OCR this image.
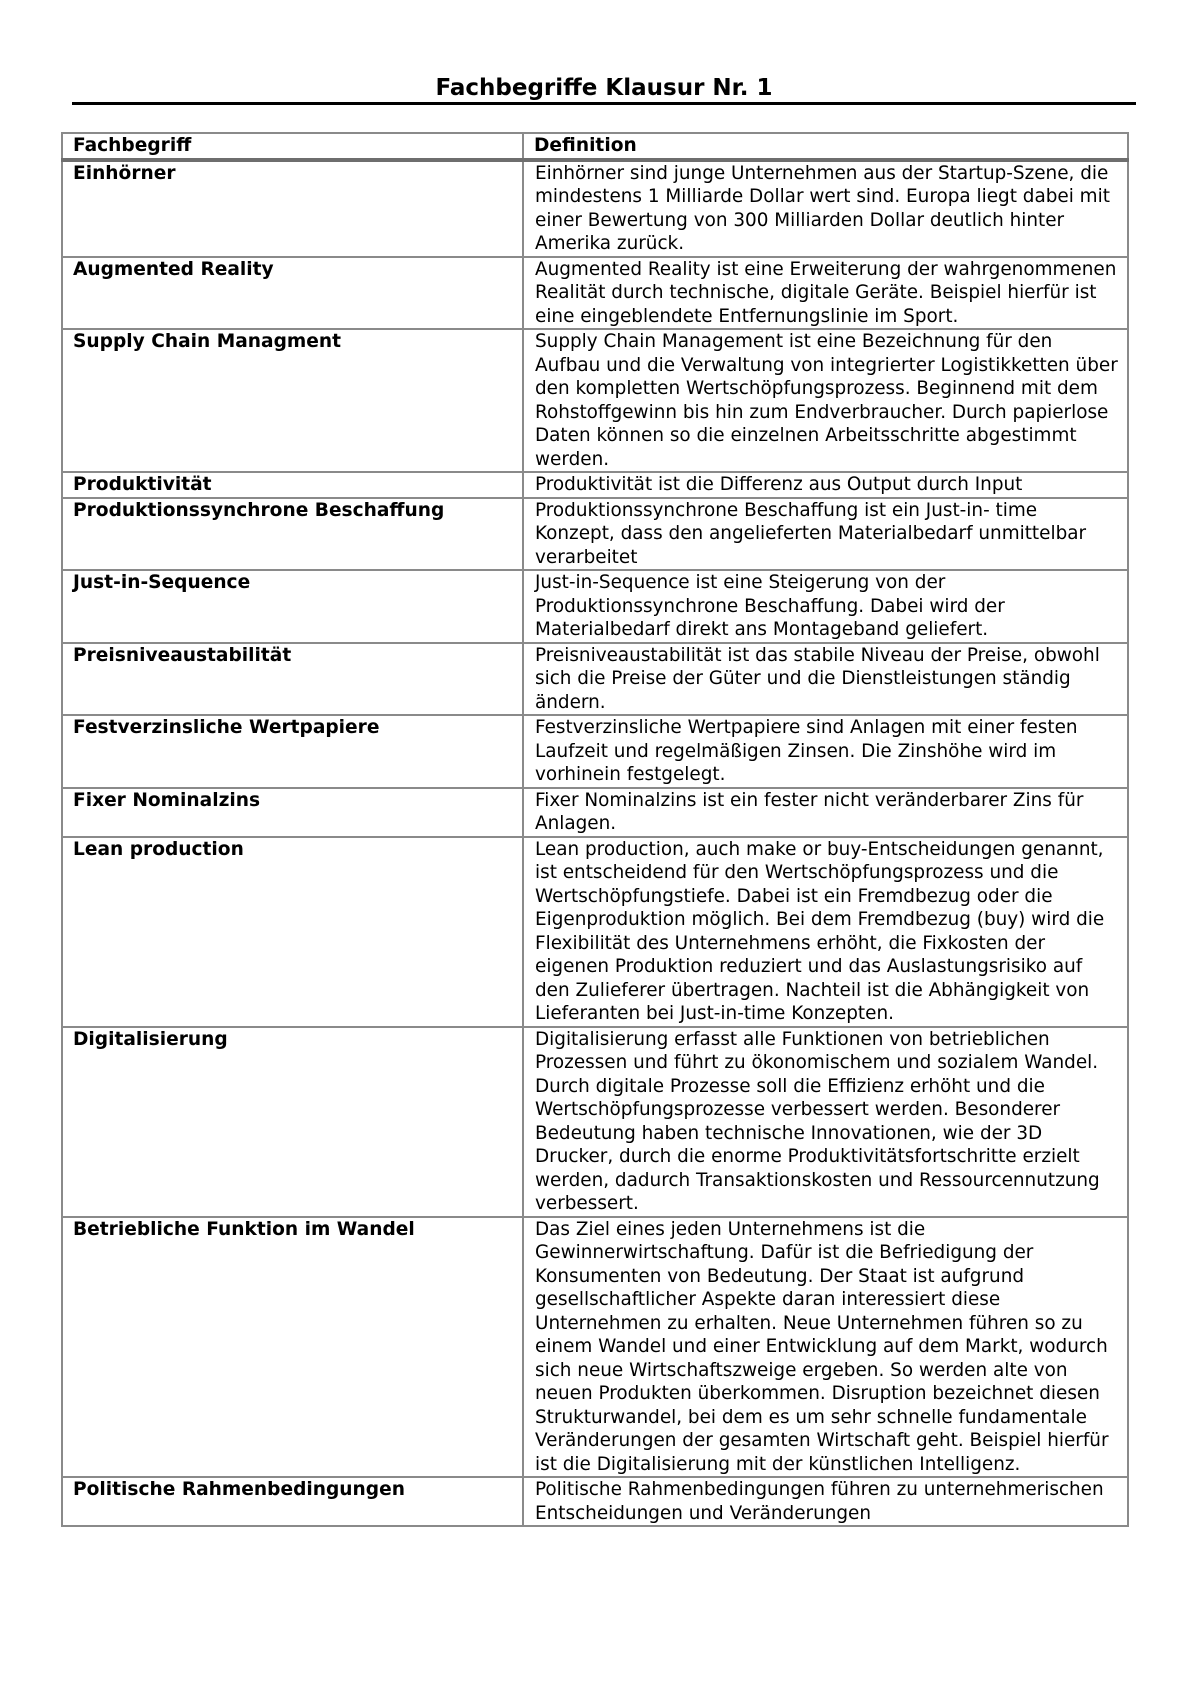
Fachbegriffe Klausur Nr. 1
Fachbegriff	Definition
Einhörner	Einhörner sind junge Unternehmen aus der Startup-Szene, die mindestens 1 Milliarde Dollar wert sind. Europa liegt dabei mit einer Bewertung von 300 Milliarden Dollar deutlich hinter Amerika zurück.
Augmented Reality	Augmented Reality ist eine Erweiterung der wahrgenommenen Realität durch technische, digitale Geräte. Beispiel hierfür ist eine eingeblendete Entfernungslinie im Sport.
Supply Chain Managment	Supply Chain Management ist eine Bezeichnung für den Aufbau und die Verwaltung von integrierter Logistikketten über den kompletten Wertschöpfungsprozess. Beginnend mit dem Rohstoffgewinn bis hin zum Endverbraucher. Durch papierlose Daten können so die einzelnen Arbeitsschritte abgestimmt werden.
Produktivität	Produktivität ist die Differenz aus Output durch Input
Produktionssynchrone Beschaffung	Produktionssynchrone Beschaffung ist ein Just-in- time Konzept, dass den angelieferten Materialbedarf unmittelbar verarbeitet
Just-in-Sequence	Just-in-Sequence ist eine Steigerung von der Produktionssynchrone Beschaffung. Dabei wird der Materialbedarf direkt ans Montageband geliefert.
Preisniveaustabilität	Preisniveaustabilität ist das stabile Niveau der Preise, obwohl sich die Preise der Güter und die Dienstleistungen ständig ändern.
Festverzinsliche Wertpapiere	Festverzinsliche Wertpapiere sind Anlagen mit einer festen Laufzeit und regelmäßigen Zinsen. Die Zinshöhe wird im vorhinein festgelegt.
Fixer Nominalzins	Fixer Nominalzins ist ein fester nicht veränderbarer Zins für Anlagen.
Lean production	Lean production, auch make or buy-Entscheidungen genannt, ist entscheidend für den Wertschöpfungsprozess und die Wertschöpfungstiefe. Dabei ist ein Fremdbezug oder die Eigenproduktion möglich. Bei dem Fremdbezug (buy) wird die Flexibilität des Unternehmens erhöht, die Fixkosten der eigenen Produktion reduziert und das Auslastungsrisiko auf den Zulieferer übertragen. Nachteil ist die Abhängigkeit von Lieferanten bei Just-in-time Konzepten.
Digitalisierung	Digitalisierung erfasst alle Funktionen von betrieblichen Prozessen und führt zu ökonomischem und sozialem Wandel. Durch digitale Prozesse soll die Effizienz erhöht und die Wertschöpfungsprozesse verbessert werden. Besonderer Bedeutung haben technische Innovationen, wie der 3D Drucker, durch die enorme Produktivitätsfortschritte erzielt werden, dadurch Transaktionskosten und Ressourcennutzung verbessert.
Betriebliche Funktion im Wandel	Das Ziel eines jeden Unternehmens ist die Gewinnerwirtschaftung. Dafür ist die Befriedigung der Konsumenten von Bedeutung. Der Staat ist aufgrund gesellschaftlicher Aspekte daran interessiert diese Unternehmen zu erhalten. Neue Unternehmen führen so zu einem Wandel und einer Entwicklung auf dem Markt, wodurch sich neue Wirtschaftszweige ergeben. So werden alte von neuen Produkten überkommen. Disruption bezeichnet diesen Strukturwandel, bei dem es um sehr schnelle fundamentale Veränderungen der gesamten Wirtschaft geht. Beispiel hierfür ist die Digitalisierung mit der künstlichen Intelligenz.
Politische Rahmenbedingungen	Politische Rahmenbedingungen führen zu unternehmerischen Entscheidungen und Veränderungen
